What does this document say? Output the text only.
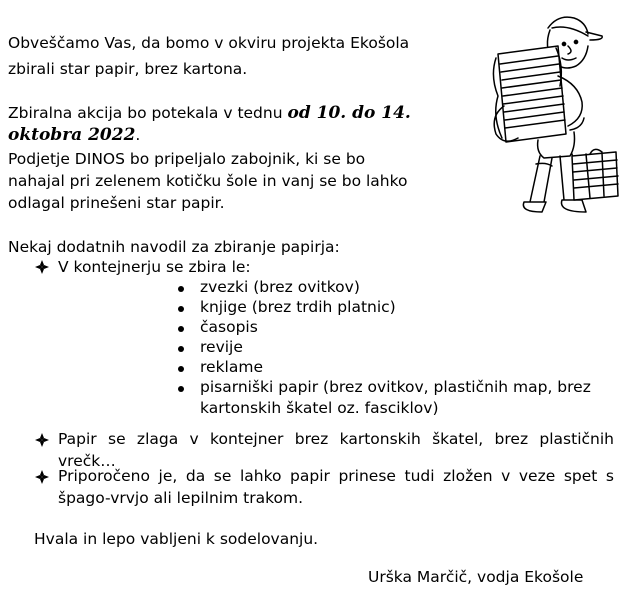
Obveščamo Vas, da bomo v okviru projekta Ekošola
zbirali star papir, brez kartona.
Zbiralna akcija bo potekala v tednu od 10. do 14.
oktobra 2022.
Podjetje DINOS bo pripeljalo zabojnik, ki se bo
nahajal pri zelenem kotičku šole in vanj se bo lahko
odlagal prinešeni star papir.
Nekaj dodatnih navodil za zbiranje papirja:
V kontejnerju se zbira le:
zvezki (brez ovitkov)
knjige (brez trdih platnic)
časopis
revije
reklame
pisarniški papir (brez ovitkov, plastičnih map, brez
kartonskih škatel oz. fasciklov)
Papir se zlaga v kontejner brez kartonskih škatel, brez plastičnih vrečk…
Priporočeno je, da se lahko papir prinese tudi zložen v veze spet s špago-vrvjo ali lepilnim trakom.
Hvala in lepo vabljeni k sodelovanju.
Urška Marčič, vodja Ekošole
